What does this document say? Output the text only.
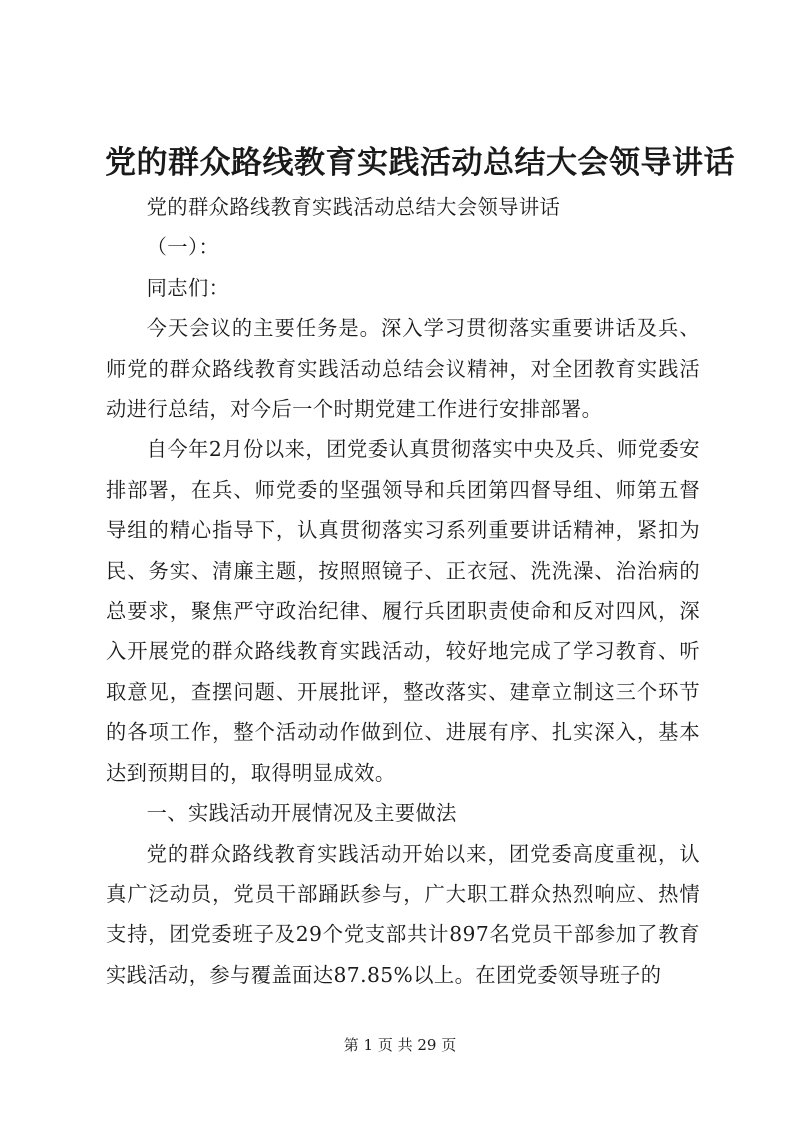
党的群众路线教育实践活动总结大会领导讲话

党的群众路线教育实践活动总结大会领导讲话

（一）：

同志们：

今天会议的主要任务是。深入学习贯彻落实重要讲话及兵、师党的群众路线教育实践活动总结会议精神，对全团教育实践活动进行总结，对今后一个时期党建工作进行安排部署。

自今年2月份以来，团党委认真贯彻落实中央及兵、师党委安排部署，在兵、师党委的坚强领导和兵团第四督导组、师第五督导组的精心指导下，认真贯彻落实习系列重要讲话精神，紧扣为民、务实、清廉主题，按照照镜子、正衣冠、洗洗澡、治治病的总要求，聚焦严守政治纪律、履行兵团职责使命和反对四风，深入开展党的群众路线教育实践活动，较好地完成了学习教育、听取意见，查摆问题、开展批评，整改落实、建章立制这三个环节的各项工作，整个活动动作做到位、进展有序、扎实深入，基本达到预期目的，取得明显成效。

一、实践活动开展情况及主要做法

党的群众路线教育实践活动开始以来，团党委高度重视，认真广泛动员，党员干部踊跃参与，广大职工群众热烈响应、热情支持，团党委班子及29个党支部共计897名党员干部参加了教育实践活动，参与覆盖面达87.85%以上。在团党委领导班子的

第 1 页 共 29 页
